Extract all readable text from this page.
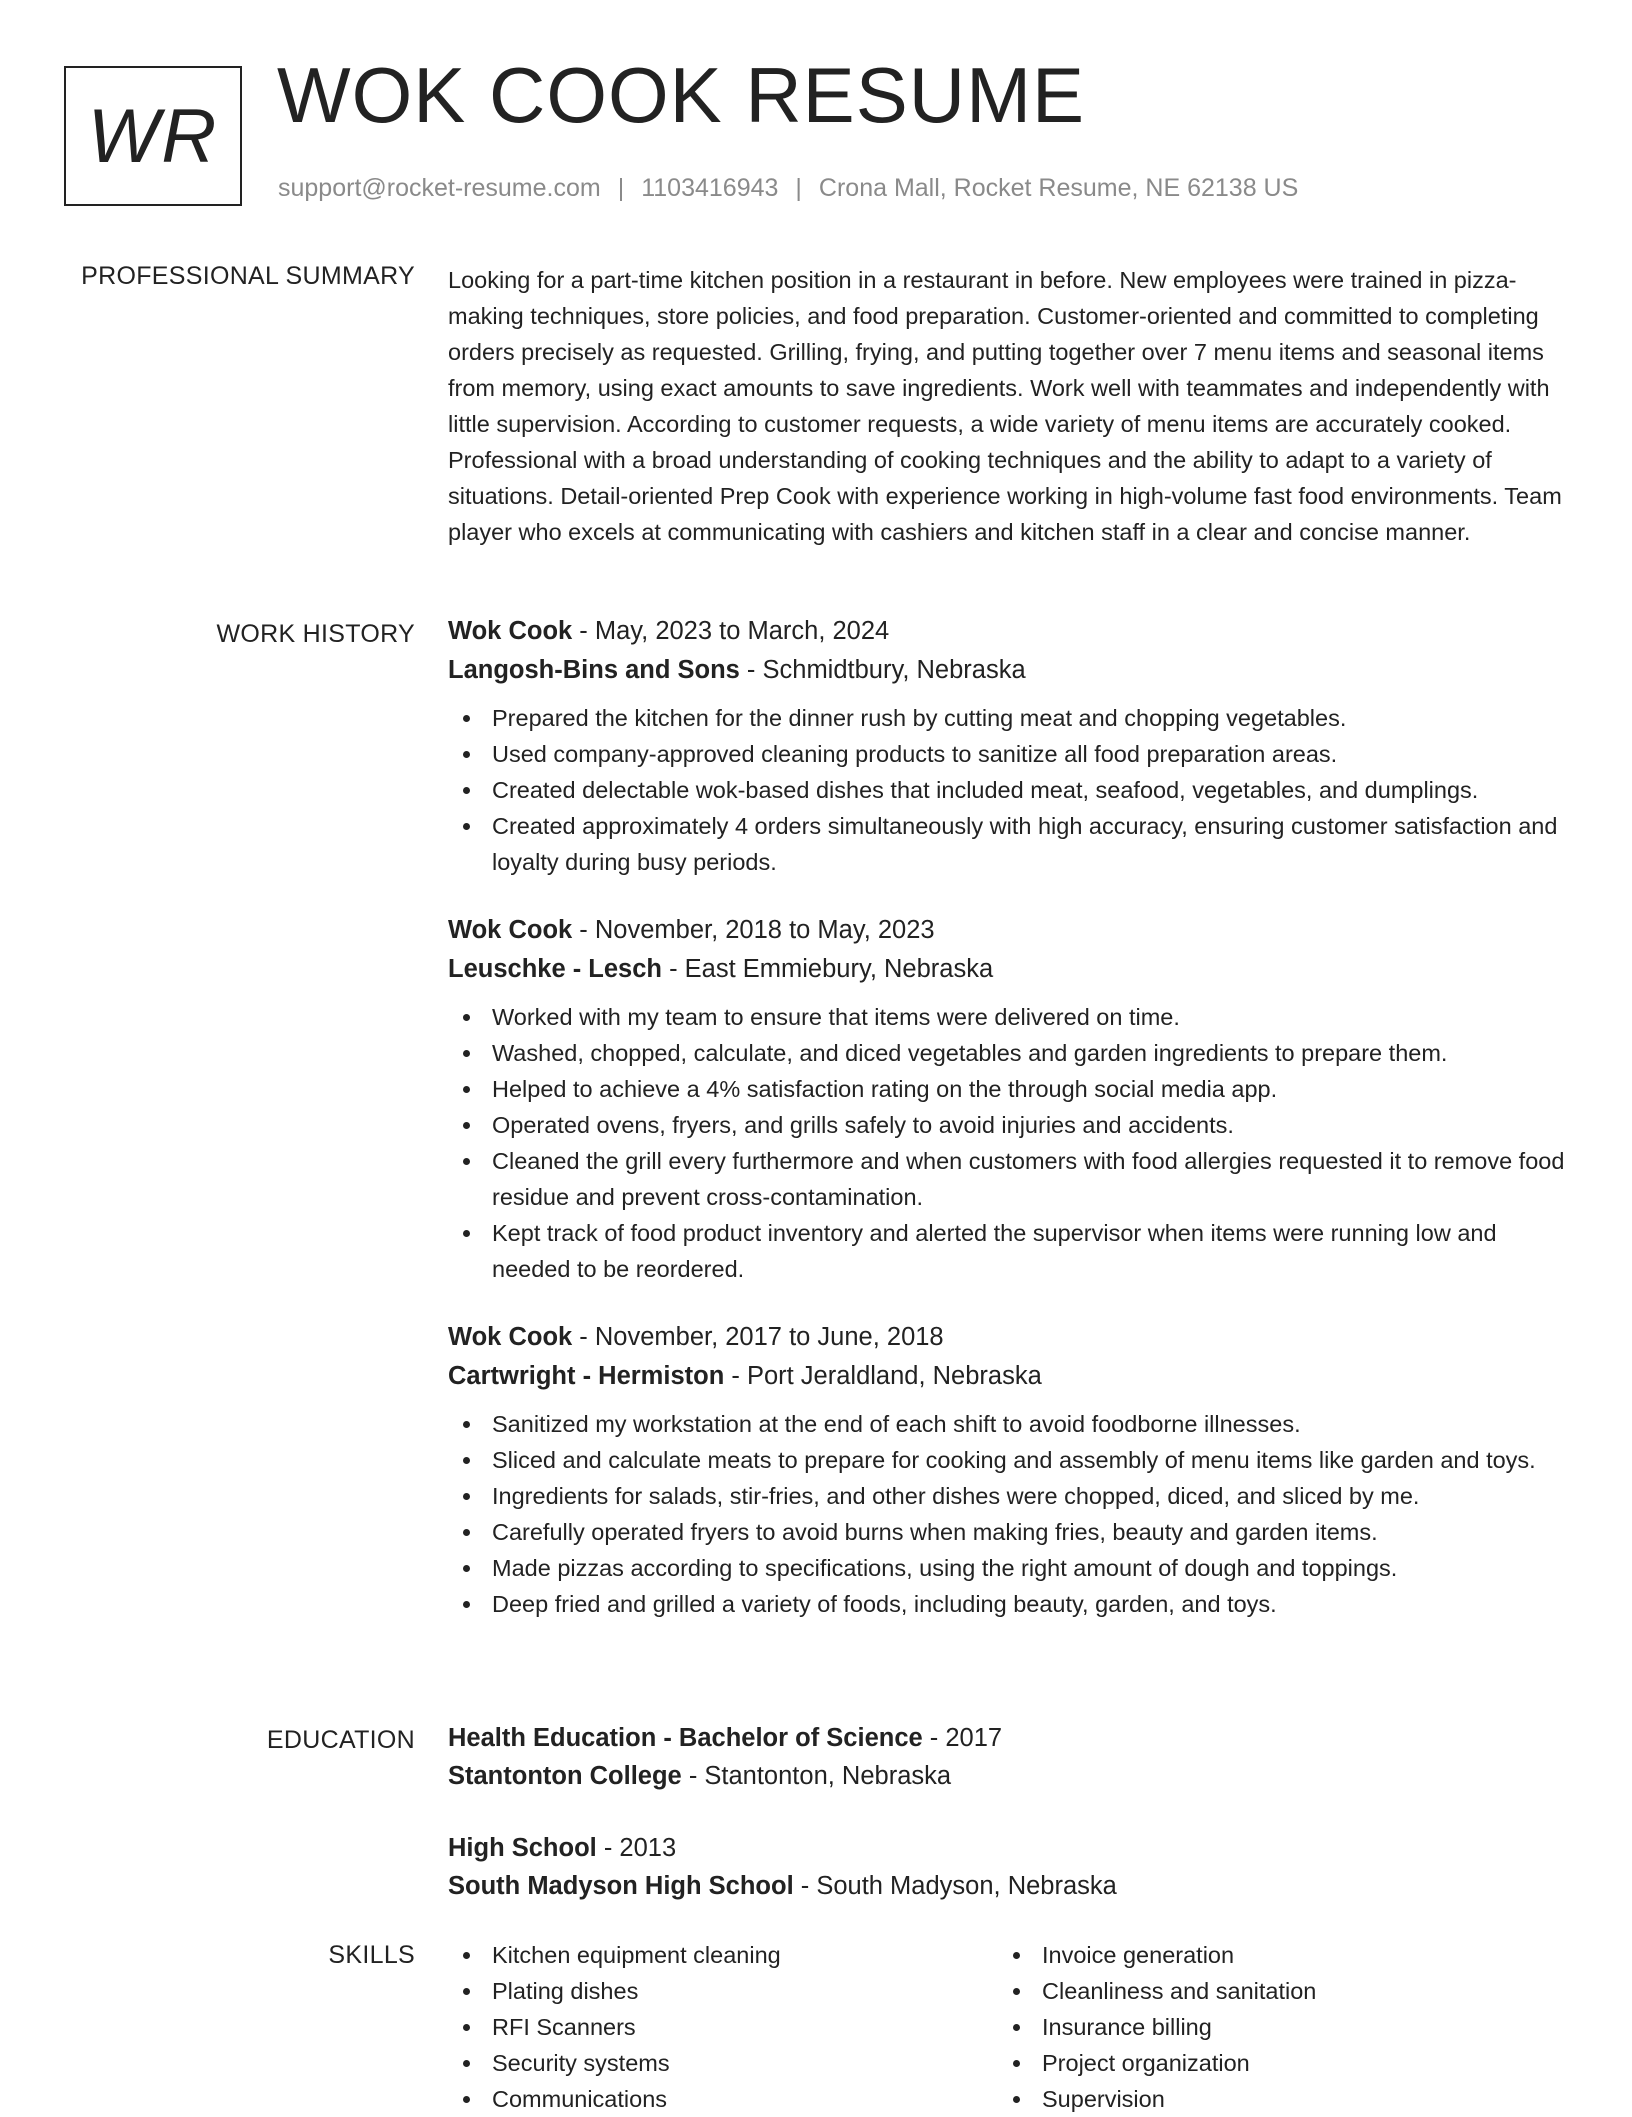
WR WOK COOK RESUME
support@rocket-resume.com | 1103416943 | Crona Mall, Rocket Resume, NE 62138 US
PROFESSIONAL SUMMARY Looking for a part-time kitchen position in a restaurant in before. New employees were trained in pizza-making techniques, store policies, and food preparation. Customer-oriented and committed to completing orders precisely as requested. Grilling, frying, and putting together over 7 menu items and seasonal items from memory, using exact amounts to save ingredients. Work well with teammates and independently with little supervision. According to customer requests, a wide variety of menu items are accurately cooked. Professional with a broad understanding of cooking techniques and the ability to adapt to a variety of situations. Detail-oriented Prep Cook with experience working in high-volume fast food environments. Team player who excels at communicating with cashiers and kitchen staff in a clear and concise manner.

WORK HISTORY Wok Cook - May, 2023 to March, 2024
Langosh-Bins and Sons - Schmidtbury, Nebraska
Prepared the kitchen for the dinner rush by cutting meat and chopping vegetables.
Used company-approved cleaning products to sanitize all food preparation areas.
Created delectable wok-based dishes that included meat, seafood, vegetables, and dumplings.
Created approximately 4 orders simultaneously with high accuracy, ensuring customer satisfaction and loyalty during busy periods.
Wok Cook - November, 2018 to May, 2023
Leuschke - Lesch - East Emmiebury, Nebraska
Worked with my team to ensure that items were delivered on time.
Washed, chopped, calculate, and diced vegetables and garden ingredients to prepare them.
Helped to achieve a 4% satisfaction rating on the through social media app.
Operated ovens, fryers, and grills safely to avoid injuries and accidents.
Cleaned the grill every furthermore and when customers with food allergies requested it to remove food residue and prevent cross-contamination.
Kept track of food product inventory and alerted the supervisor when items were running low and needed to be reordered.
Wok Cook - November, 2017 to June, 2018
Cartwright - Hermiston - Port Jeraldland, Nebraska
Sanitized my workstation at the end of each shift to avoid foodborne illnesses.
Sliced and calculate meats to prepare for cooking and assembly of menu items like garden and toys.
Ingredients for salads, stir-fries, and other dishes were chopped, diced, and sliced by me.
Carefully operated fryers to avoid burns when making fries, beauty and garden items.
Made pizzas according to specifications, using the right amount of dough and toppings.
Deep fried and grilled a variety of foods, including beauty, garden, and toys.
EDUCATION Health Education - Bachelor of Science - 2017
Stantonton College - Stantonton, Nebraska
High School - 2013
South Madyson High School - South Madyson, Nebraska
SKILLS	Kitchen equipment cleaning
Plating dishes
RFI Scanners
Security systems
Communications
Invoice generation
Cleanliness and sanitation
Insurance billing
Project organization
Supervision
